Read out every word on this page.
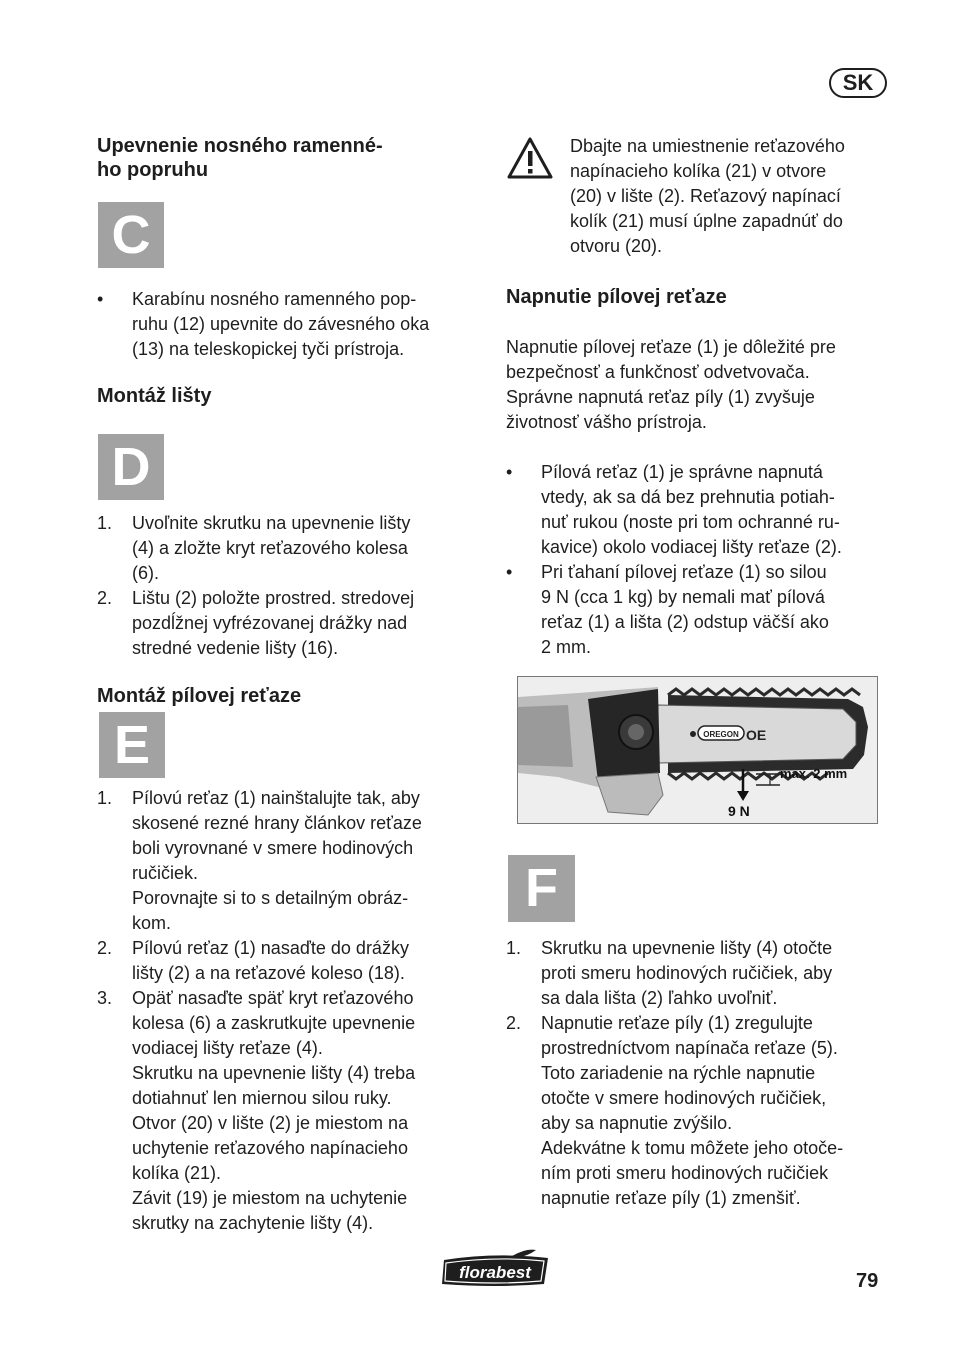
SK

Upevnenie nosného ramenné-

ho popruhu

C
• Karabínu nosného ramenného pop-
ruhu (12) upevnite do závesného oka
(13) na teleskopickej tyči prístroja.

Montáž lišty

D
1. Uvoľnite skrutku na upevnenie lišty
(4) a zložte kryt reťazového kolesa
(6).
2. Lištu (2) položte prostred. stredovej
pozdĺžnej vyfrézovanej drážky nad
stredné vedenie lišty (16).

Montáž pílovej reťaze

E
1. Pílovú reťaz (1) nainštalujte tak, aby
skosené rezné hrany článkov reťaze
boli vyrovnané v smere hodinových
ručičiek.
Porovnajte si to s detailným obráz-
kom.
2. Pílovú reťaz (1) nasaďte do drážky
lišty (2) a na reťazové koleso (18).
3. Opäť nasaďte späť kryt reťazového
kolesa (6) a zaskrutkujte upevnenie
vodiacej lišty reťaze (4).
Skrutku na upevnenie lišty (4) treba
dotiahnuť len miernou silou ruky.
Otvor (20) v lište (2) je miestom na
uchytenie reťazového napínacieho
kolíka (21).
Závit (19) je miestom na uchytenie
skrutky na zachytenie lišty (4).

Dbajte na umiestnenie reťazového
napínacieho kolíka (21) v otvore
(20) v lište (2). Reťazový napínací
kolík (21) musí úplne zapadnúť do
otvoru (20).

Napnutie pílovej reťaze

Napnutie pílovej reťaze (1) je dôležité pre
bezpečnosť a funkčnosť odvetvovača.
Správne napnutá reťaz píly (1) zvyšuje
životnosť vášho prístroja.

• Pílová reťaz (1) je správne napnutá
vtedy, ak sa dá bez prehnutia potiah-
nuť rukou (noste pri tom ochranné ru-
kavice) okolo vodiacej lišty reťaze (2).
• Pri ťahaní pílovej reťaze (1) so silou
9 N (cca 1 kg) by nemali mať pílová
reťaz (1) a lišta (2) odstup väčší ako
2 mm.
OREGON OE
max. 2 mm
9 N
F
1. Skrutku na upevnenie lišty (4) otočte
proti smeru hodinových ručičiek, aby
sa dala lišta (2) ľahko uvoľniť.
2. Napnutie reťaze píly (1) zregulujte
prostredníctvom napínača reťaze (5).
Toto zariadenie na rýchle napnutie
otočte v smere hodinových ručičiek,
aby sa napnutie zvýšilo.
Adekvátne k tomu môžete jeho otoče-
ním proti smeru hodinových ručičiek
napnutie reťaze píly (1) zmenšiť.
florabest	79
